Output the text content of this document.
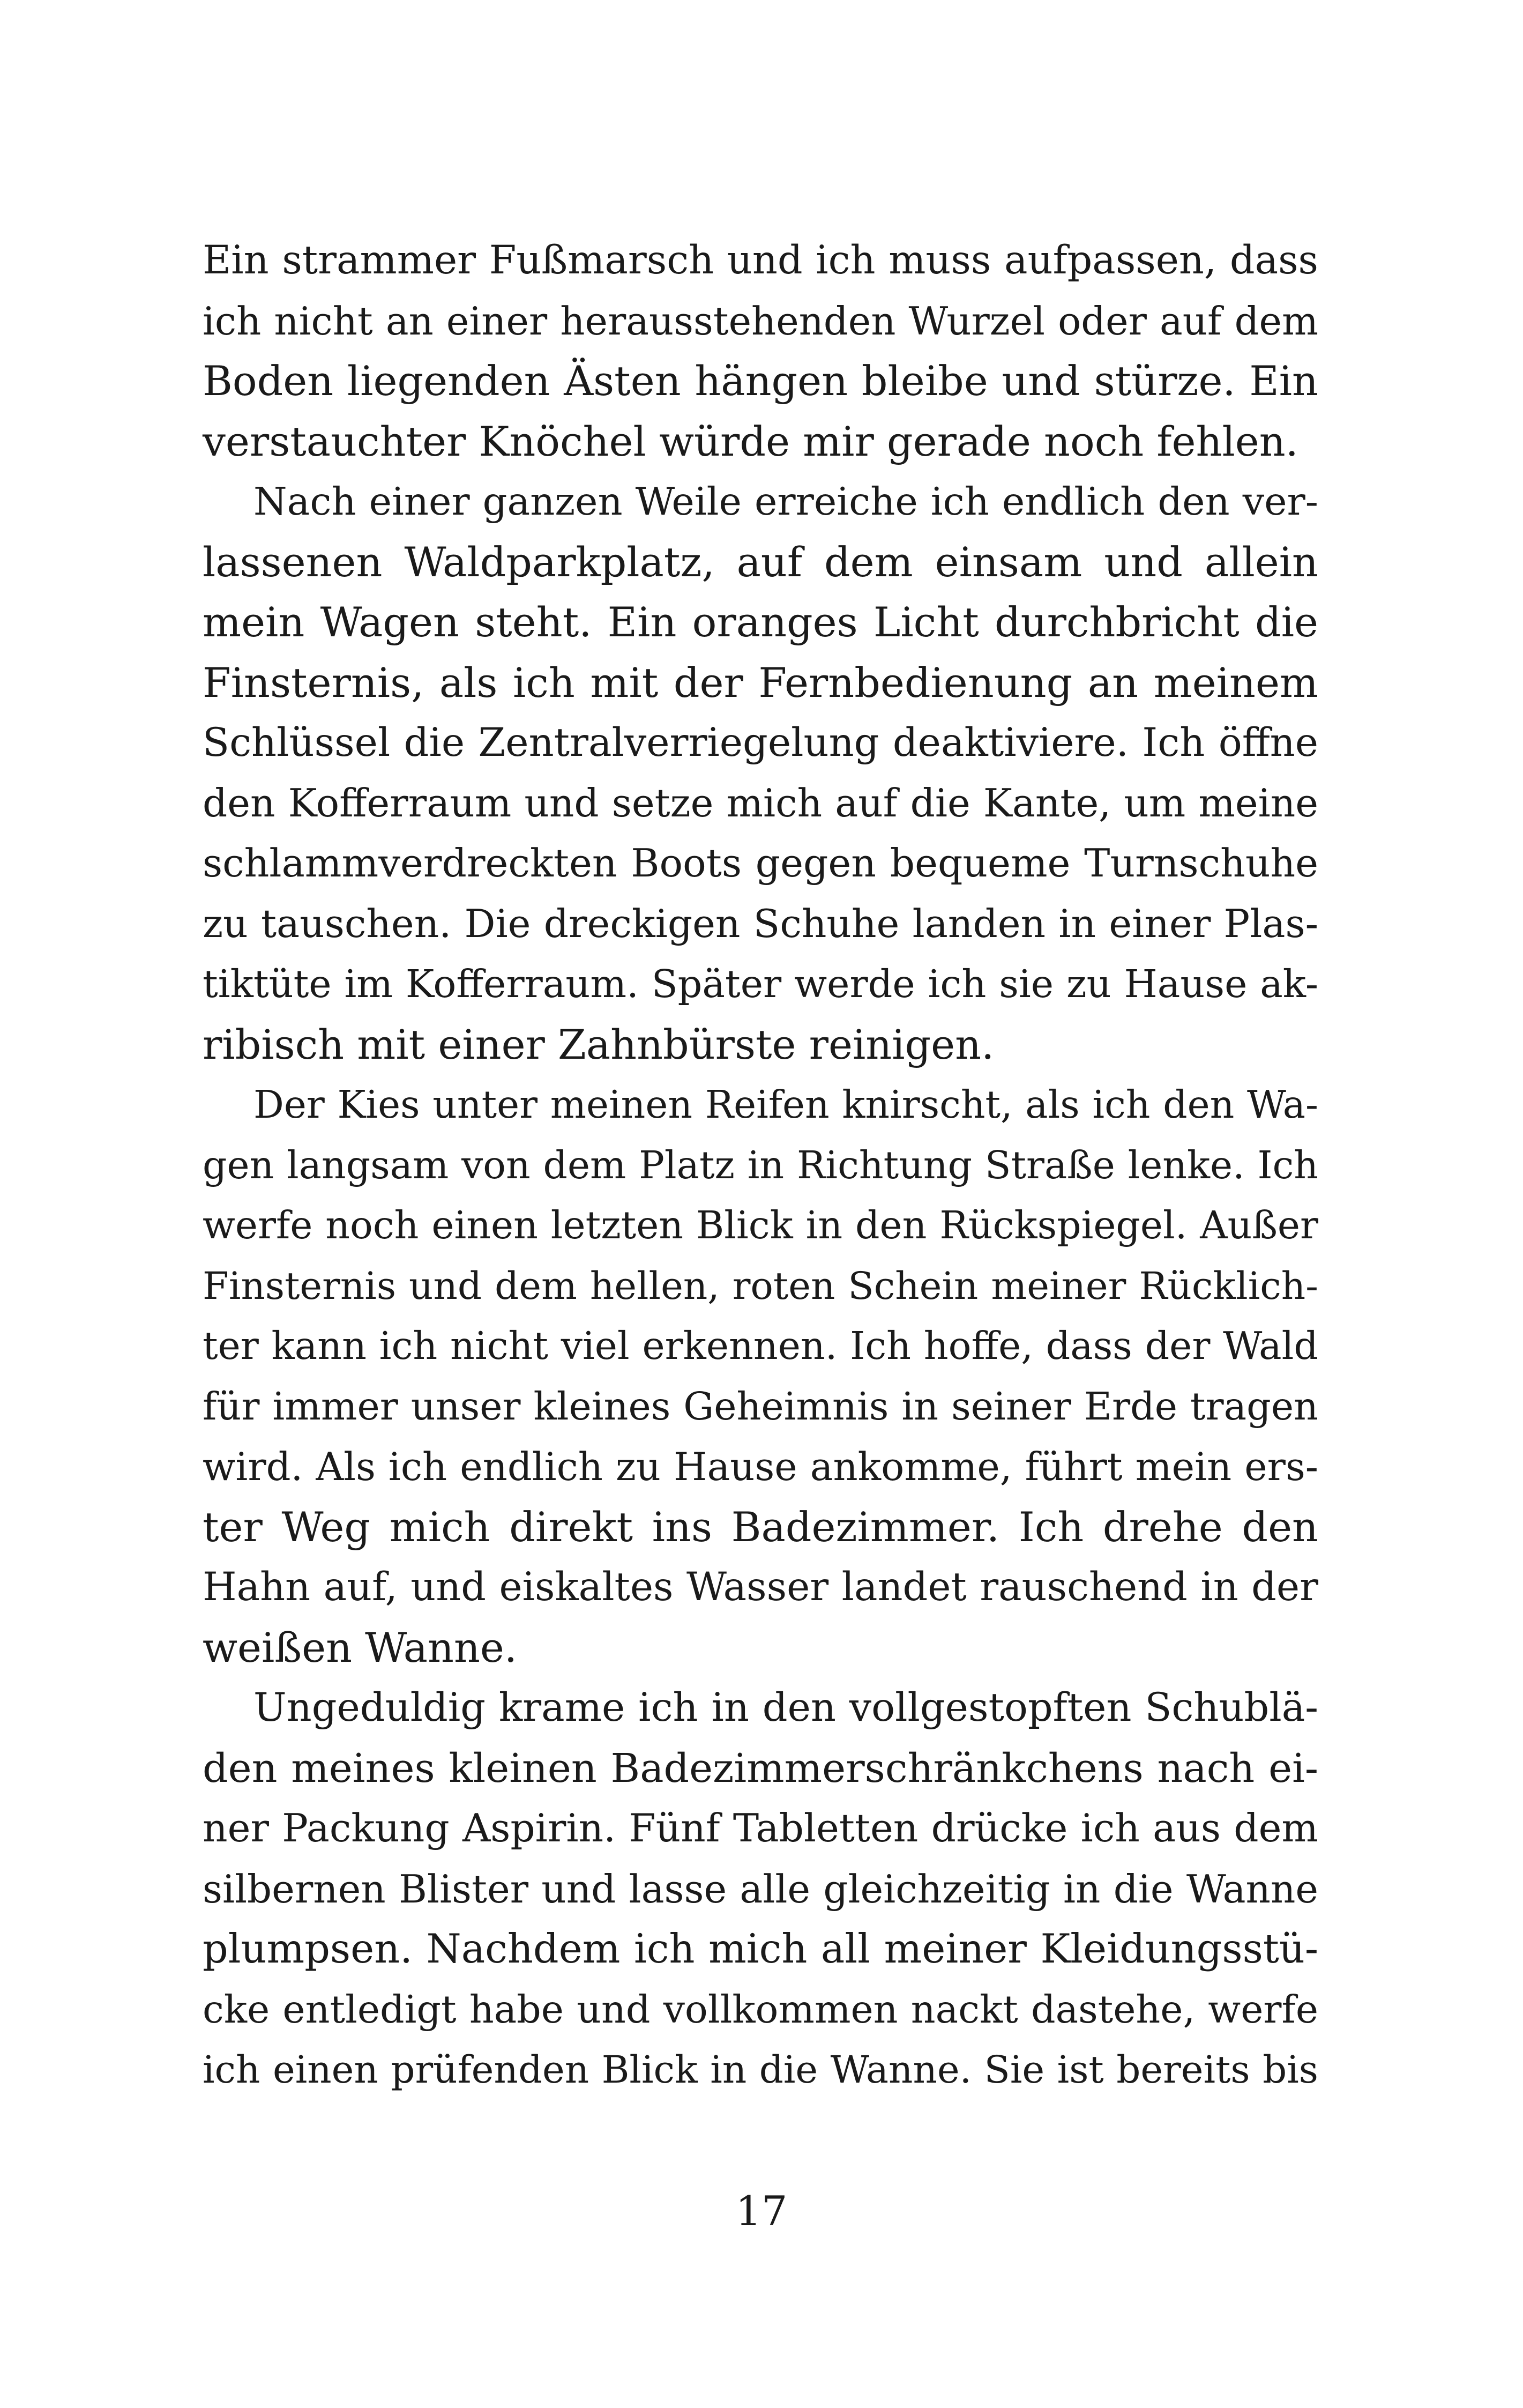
Ein strammer Fußmarsch und ich muss aufpassen, dass
ich nicht an einer herausstehenden Wurzel oder auf dem
Boden liegenden Ästen hängen bleibe und stürze. Ein
verstauchter Knöchel würde mir gerade noch fehlen.
Nach einer ganzen Weile erreiche ich endlich den ver-
lassenen Waldparkplatz, auf dem einsam und allein
mein Wagen steht. Ein oranges Licht durchbricht die
Finsternis, als ich mit der Fernbedienung an meinem
Schlüssel die Zentralverriegelung deaktiviere. Ich öffne
den Kofferraum und setze mich auf die Kante, um meine
schlammverdreckten Boots gegen bequeme Turnschuhe
zu tauschen. Die dreckigen Schuhe landen in einer Plas-
tiktüte im Kofferraum. Später werde ich sie zu Hause ak-
ribisch mit einer Zahnbürste reinigen.
Der Kies unter meinen Reifen knirscht, als ich den Wa-
gen langsam von dem Platz in Richtung Straße lenke. Ich
werfe noch einen letzten Blick in den Rückspiegel. Außer
Finsternis und dem hellen, roten Schein meiner Rücklich-
ter kann ich nicht viel erkennen. Ich hoffe, dass der Wald
für immer unser kleines Geheimnis in seiner Erde tragen
wird. Als ich endlich zu Hause ankomme, führt mein ers-
ter Weg mich direkt ins Badezimmer. Ich drehe den
Hahn auf, und eiskaltes Wasser landet rauschend in der
weißen Wanne.
Ungeduldig krame ich in den vollgestopften Schublä-
den meines kleinen Badezimmerschränkchens nach ei-
ner Packung Aspirin. Fünf Tabletten drücke ich aus dem
silbernen Blister und lasse alle gleichzeitig in die Wanne
plumpsen. Nachdem ich mich all meiner Kleidungsstü-
cke entledigt habe und vollkommen nackt dastehe, werfe
ich einen prüfenden Blick in die Wanne. Sie ist bereits bis
17
